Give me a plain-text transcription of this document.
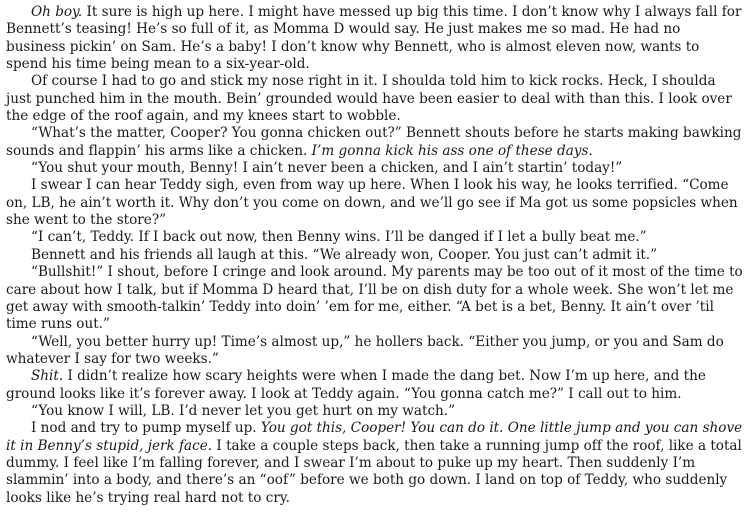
Oh boy. It sure is high up here. I might have messed up big this time. I don’t know why I always fall for Bennett’s teasing! He’s so full of it, as Momma D would say. He just makes me so mad. He had no business pickin’ on Sam. He’s a baby! I don’t know why Bennett, who is almost eleven now, wants to spend his time being mean to a six-year-old.

Of course I had to go and stick my nose right in it. I shoulda told him to kick rocks. Heck, I shoulda just punched him in the mouth. Bein’ grounded would have been easier to deal with than this. I look over the edge of the roof again, and my knees start to wobble.

“What’s the matter, Cooper? You gonna chicken out?” Bennett shouts before he starts making bawking sounds and flappin’ his arms like a chicken. I’m gonna kick his ass one of these days.

“You shut your mouth, Benny! I ain’t never been a chicken, and I ain’t startin’ today!”

I swear I can hear Teddy sigh, even from way up here. When I look his way, he looks terrified. “Come on, LB, he ain’t worth it. Why don’t you come on down, and we’ll go see if Ma got us some popsicles when she went to the store?”

“I can’t, Teddy. If I back out now, then Benny wins. I’ll be danged if I let a bully beat me.”

Bennett and his friends all laugh at this. “We already won, Cooper. You just can’t admit it.”

“Bullshit!” I shout, before I cringe and look around. My parents may be too out of it most of the time to care about how I talk, but if Momma D heard that, I’ll be on dish duty for a whole week. She won’t let me get away with smooth-talkin’ Teddy into doin’ ’em for me, either. “A bet is a bet, Benny. It ain’t over ’til time runs out.”

“Well, you better hurry up! Time’s almost up,” he hollers back. “Either you jump, or you and Sam do whatever I say for two weeks.”

Shit. I didn’t realize how scary heights were when I made the dang bet. Now I’m up here, and the ground looks like it’s forever away. I look at Teddy again. “You gonna catch me?” I call out to him.

“You know I will, LB. I’d never let you get hurt on my watch.”

I nod and try to pump myself up. You got this, Cooper! You can do it. One little jump and you can shove it in Benny’s stupid, jerk face. I take a couple steps back, then take a running jump off the roof, like a total dummy. I feel like I’m falling forever, and I swear I’m about to puke up my heart. Then suddenly I’m slammin’ into a body, and there’s an “oof” before we both go down. I land on top of Teddy, who suddenly looks like he’s trying real hard not to cry.
